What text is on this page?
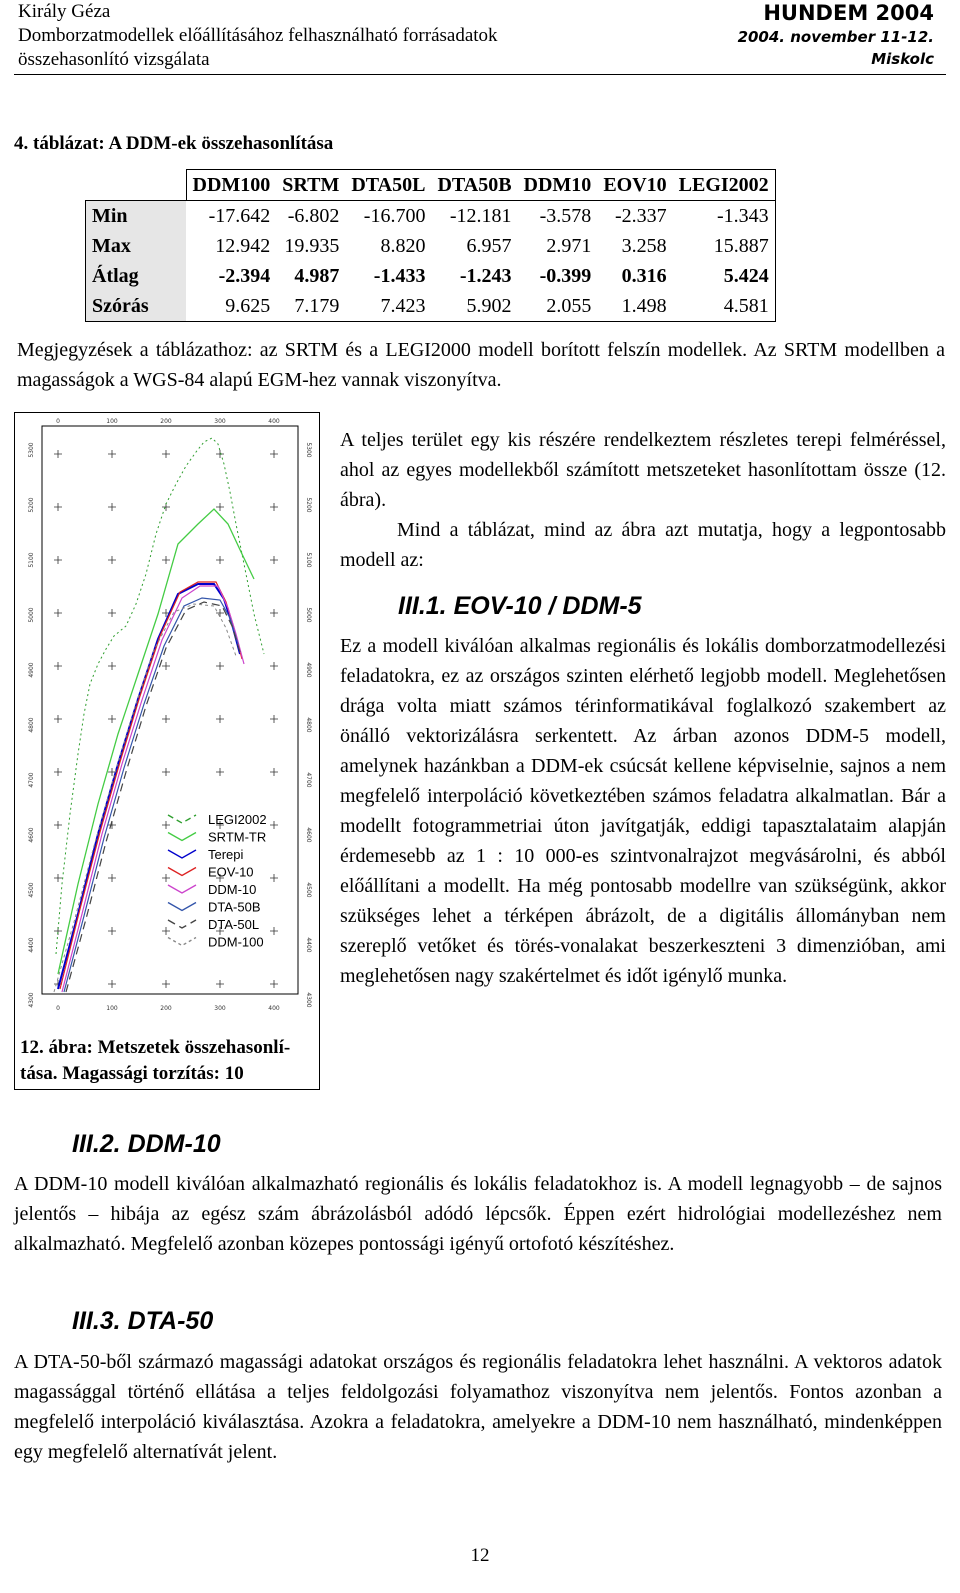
Király Géza
Domborzatmodellek előállításához felhasználható forrásadatok
összehasonlító vizsgálata
HUNDEM 2004
2004. november 11-12.
Miskolc
4. táblázat: A DDM-ek összehasonlítása
	DDM100	SRTM	DTA50L	DTA50B	DDM10	EOV10	LEGI2002
Min	-17.642	-6.802	-16.700	-12.181	-3.578	-2.337	-1.343
Max	12.942	19.935	8.820	6.957	2.971	3.258	15.887
Átlag	-2.394	4.987	-1.433	-1.243	-0.399	0.316	5.424
Szórás	9.625	7.179	7.423	5.902	2.055	1.498	4.581
Megjegyzések a táblázathoz: az SRTM és a LEGI2000 modell borított felszín modellek. Az SRTM modellben a magasságok a WGS-84 alapú EGM-hez vannak viszonyítva.
0
0
100
100
200
200
300
300
400
400
4300	4300
4400	4400
4500	4500
4600	4600
4700	4700
4800	4800
4900	4900
5000	5000
5100	5100
5200	5200
5300	5300
LEGI2002
SRTM-TR
Terepi
EOV-10
DDM-10
DTA-50B
DTA-50L
DDM-100
12. ábra: Metszetek összehasonlítása. Magassági torzítás: 10
A teljes terület egy kis részére rendelkeztem részletes terepi felméréssel, ahol az egyes modellekből számított metszeteket hasonlítottam össze (12. ábra).
Mind a táblázat, mind az ábra azt mutatja, hogy a legpontosabb modell az:
III.1. EOV-10 / DDM-5
Ez a modell kiválóan alkalmas regionális és lokális domborzatmodellezési feladatokra, ez az országos szinten elérhető legjobb modell. Meglehetősen drága volta miatt számos térinformatikával foglalkozó szakembert az önálló vektorizálásra serkentett. Az árban azonos DDM-5 modell, amelynek hazánkban a DDM-ek csúcsát kellene képviselnie, sajnos a nem megfelelő interpoláció következtében számos feladatra alkalmatlan. Bár a modellt fotogrammetriai úton javítgatják, eddigi tapasztalataim alapján érdemesebb az 1 : 10 000-es szintvonalrajzot megvásárolni, és abból előállítani a modellt. Ha még pontosabb modellre van szükségünk, akkor szükséges lehet a térképen ábrázolt, de a digitális állományban nem szereplő vetőket és törés-vonalakat beszerkeszteni 3 dimenzióban, ami meglehetősen nagy szakértelmet és időt igénylő munka.
III.2. DDM-10
A DDM-10 modell kiválóan alkalmazható regionális és lokális feladatokhoz is. A modell legnagyobb – de sajnos jelentős – hibája az egész szám ábrázolásból adódó lépcsők. Éppen ezért hidrológiai modellezéshez nem alkalmazható. Megfelelő azonban közepes pontossági igényű ortofotó készítéshez.
III.3. DTA-50
A DTA-50-ből származó magassági adatokat országos és regionális feladatokra lehet használni. A vektoros adatok magassággal történő ellátása a teljes feldolgozási folyamathoz viszonyítva nem jelentős. Fontos azonban a megfelelő interpoláció kiválasztása. Azokra a feladatokra, amelyekre a DDM-10 nem használható, mindenképpen egy megfelelő alternatívát jelent.
12
